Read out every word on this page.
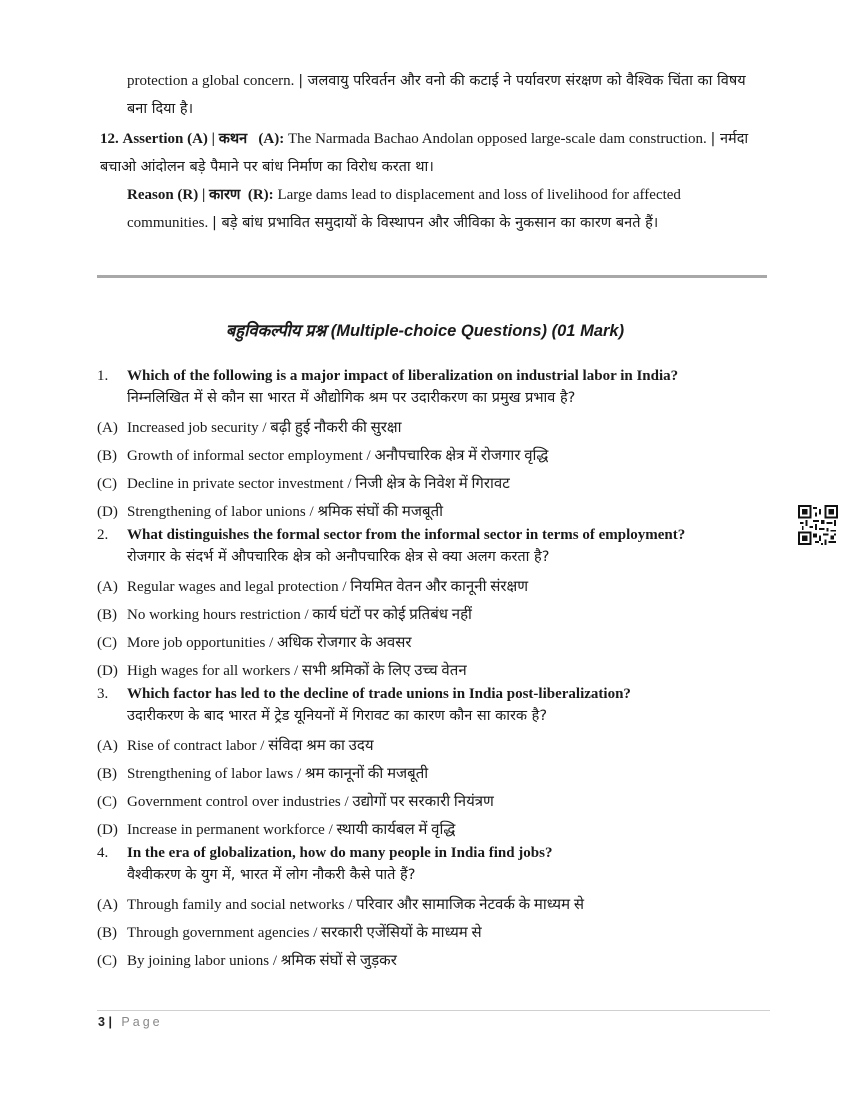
protection a global concern. | जलवायु परिवर्तन और वनो की कटाई ने पर्यावरण संरक्षण को वैश्विक चिंता का विषय बना दिया है।
12. Assertion (A) | कथन (A): The Narmada Bachao Andolan opposed large-scale dam construction. | नर्मदा बचाओ आंदोलन बड़े पैमाने पर बांध निर्माण का विरोध करता था।
Reason (R) | कारण (R): Large dams lead to displacement and loss of livelihood for affected communities. | बड़े बांध प्रभावित समुदायों के विस्थापन और जीविका के नुकसान का कारण बनते हैं।
बहुविकल्पीय प्रश्न (Multiple-choice Questions) (01 Mark)
1.	Which of the following is a major impact of liberalization on industrial labor in India?
निम्नलिखित में से कौन सा भारत में औद्योगिक श्रम पर उदारीकरण का प्रमुख प्रभाव है?
(A) Increased job security / बढ़ी हुई नौकरी की सुरक्षा
(B) Growth of informal sector employment / अनौपचारिक क्षेत्र में रोजगार वृद्धि
(C) Decline in private sector investment / निजी क्षेत्र के निवेश में गिरावट
(D) Strengthening of labor unions / श्रमिक संघों की मजबूती
2.	What distinguishes the formal sector from the informal sector in terms of employment?
रोजगार के संदर्भ में औपचारिक क्षेत्र को अनौपचारिक क्षेत्र से क्या अलग करता है?
(A) Regular wages and legal protection / नियमित वेतन और कानूनी संरक्षण
(B) No working hours restriction / कार्य घंटों पर कोई प्रतिबंध नहीं
(C) More job opportunities / अधिक रोजगार के अवसर
(D) High wages for all workers / सभी श्रमिकों के लिए उच्च वेतन
3.	Which factor has led to the decline of trade unions in India post-liberalization?
उदारीकरण के बाद भारत में ट्रेड यूनियनों में गिरावट का कारण कौन सा कारक है?
(A) Rise of contract labor / संविदा श्रम का उदय
(B) Strengthening of labor laws / श्रम कानूनों की मजबूती
(C) Government control over industries / उद्योगों पर सरकारी नियंत्रण
(D) Increase in permanent workforce / स्थायी कार्यबल में वृद्धि
4.	In the era of globalization, how do many people in India find jobs?
वैश्वीकरण के युग में, भारत में लोग नौकरी कैसे पाते हैं?
(A) Through family and social networks / परिवार और सामाजिक नेटवर्क के माध्यम से
(B) Through government agencies / सरकारी एजेंसियों के माध्यम से
(C) By joining labor unions / श्रमिक संघों से जुड़कर
3 | Page
